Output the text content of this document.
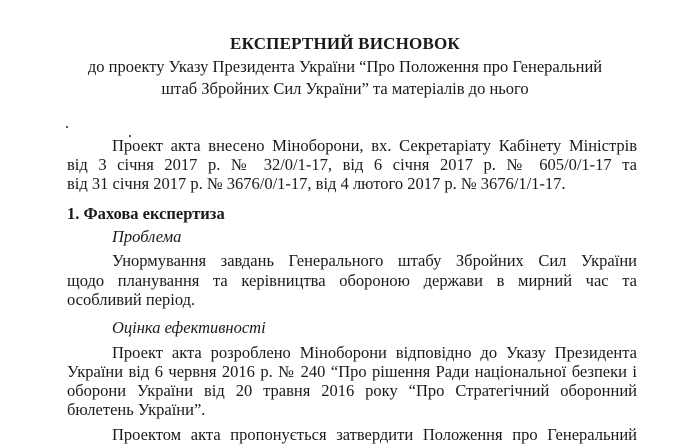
ЕКСПЕРТНИЙ ВИСНОВОК
до проекту Указу Президента України “Про Положення про Генеральний
штаб Збройних Сил України” та матеріалів до нього
Проект акта внесено Міноборони, вх. Секретаріату Кабінету Міністрів
від 3 січня 2017 р. № 32/0/1-17, від 6 січня 2017 р. № 605/0/1-17 та
від 31 січня 2017 р. № 3676/0/1-17, від 4 лютого 2017 р. № 3676/1/1-17.
1. Фахова експертиза
Проблема
Унормування завдань Генерального штабу Збройних Сил України
щодо планування та керівництва обороною держави в мирний час та
особливий період.
Оцінка ефективності
Проект акта розроблено Міноборони відповідно до Указу Президента
України від 6 червня 2016 р. № 240 “Про рішення Ради національної безпеки і
оборони України від 20 травня 2016 року “Про Стратегічний оборонний
бюлетень України”.
Проектом акта пропонується затвердити Положення про Генеральний
